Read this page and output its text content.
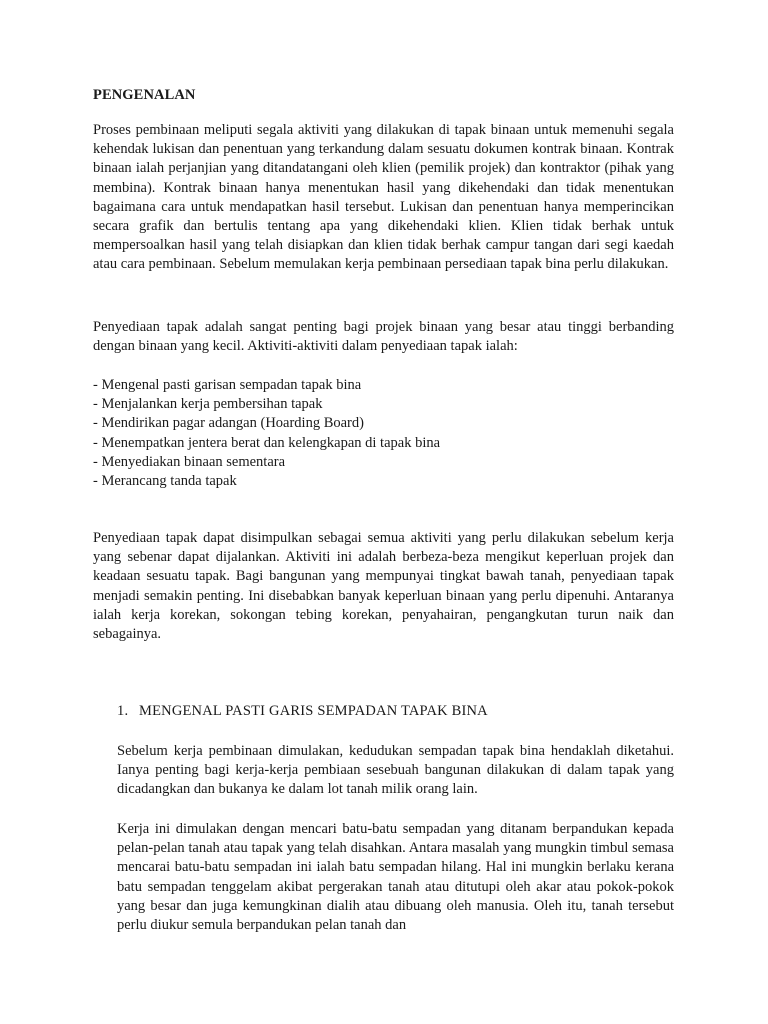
PENGENALAN

Proses pembinaan meliputi segala aktiviti yang dilakukan di tapak binaan untuk memenuhi segala kehendak lukisan dan penentuan yang terkandung dalam sesuatu dokumen kontrak binaan. Kontrak binaan ialah perjanjian yang ditandatangani oleh klien (pemilik projek) dan kontraktor (pihak yang membina). Kontrak binaan hanya menentukan hasil yang dikehendaki dan tidak menentukan bagaimana cara untuk mendapatkan hasil tersebut. Lukisan dan penentuan hanya memperincikan secara grafik dan bertulis tentang apa yang dikehendaki klien. Klien tidak berhak untuk mempersoalkan hasil yang telah disiapkan dan klien tidak berhak campur tangan dari segi kaedah atau cara pembinaan. Sebelum memulakan kerja pembinaan persediaan tapak bina perlu dilakukan.

Penyediaan tapak adalah sangat penting bagi projek binaan yang besar atau tinggi berbanding dengan binaan yang kecil. Aktiviti-aktiviti dalam penyediaan tapak ialah:

- Mengenal pasti garisan sempadan tapak bina
- Menjalankan kerja pembersihan tapak
- Mendirikan pagar adangan (Hoarding Board)
- Menempatkan jentera berat dan kelengkapan di tapak bina
- Menyediakan binaan sementara
- Merancang tanda tapak

Penyediaan tapak dapat disimpulkan sebagai semua aktiviti yang perlu dilakukan sebelum kerja yang sebenar dapat dijalankan. Aktiviti ini adalah berbeza-beza mengikut keperluan projek dan keadaan sesuatu tapak. Bagi bangunan yang mempunyai tingkat bawah tanah, penyediaan tapak menjadi semakin penting. Ini disebabkan banyak keperluan binaan yang perlu dipenuhi. Antaranya ialah kerja korekan, sokongan tebing korekan, penyahairan, pengangkutan turun naik dan sebagainya.

1. MENGENAL PASTI GARIS SEMPADAN TAPAK BINA

Sebelum kerja pembinaan dimulakan, kedudukan sempadan tapak bina hendaklah diketahui. Ianya penting bagi kerja-kerja pembiaan sesebuah bangunan dilakukan di dalam tapak yang dicadangkan dan bukanya ke dalam lot tanah milik orang lain.

Kerja ini dimulakan dengan mencari batu-batu sempadan yang ditanam berpandukan kepada pelan-pelan tanah atau tapak yang telah disahkan. Antara masalah yang mungkin timbul semasa mencarai batu-batu sempadan ini ialah batu sempadan hilang. Hal ini mungkin berlaku kerana batu sempadan tenggelam akibat pergerakan tanah atau ditutupi oleh akar atau pokok-pokok yang besar dan juga kemungkinan dialih atau dibuang oleh manusia. Oleh itu, tanah tersebut perlu diukur semula berpandukan pelan tanah dan
